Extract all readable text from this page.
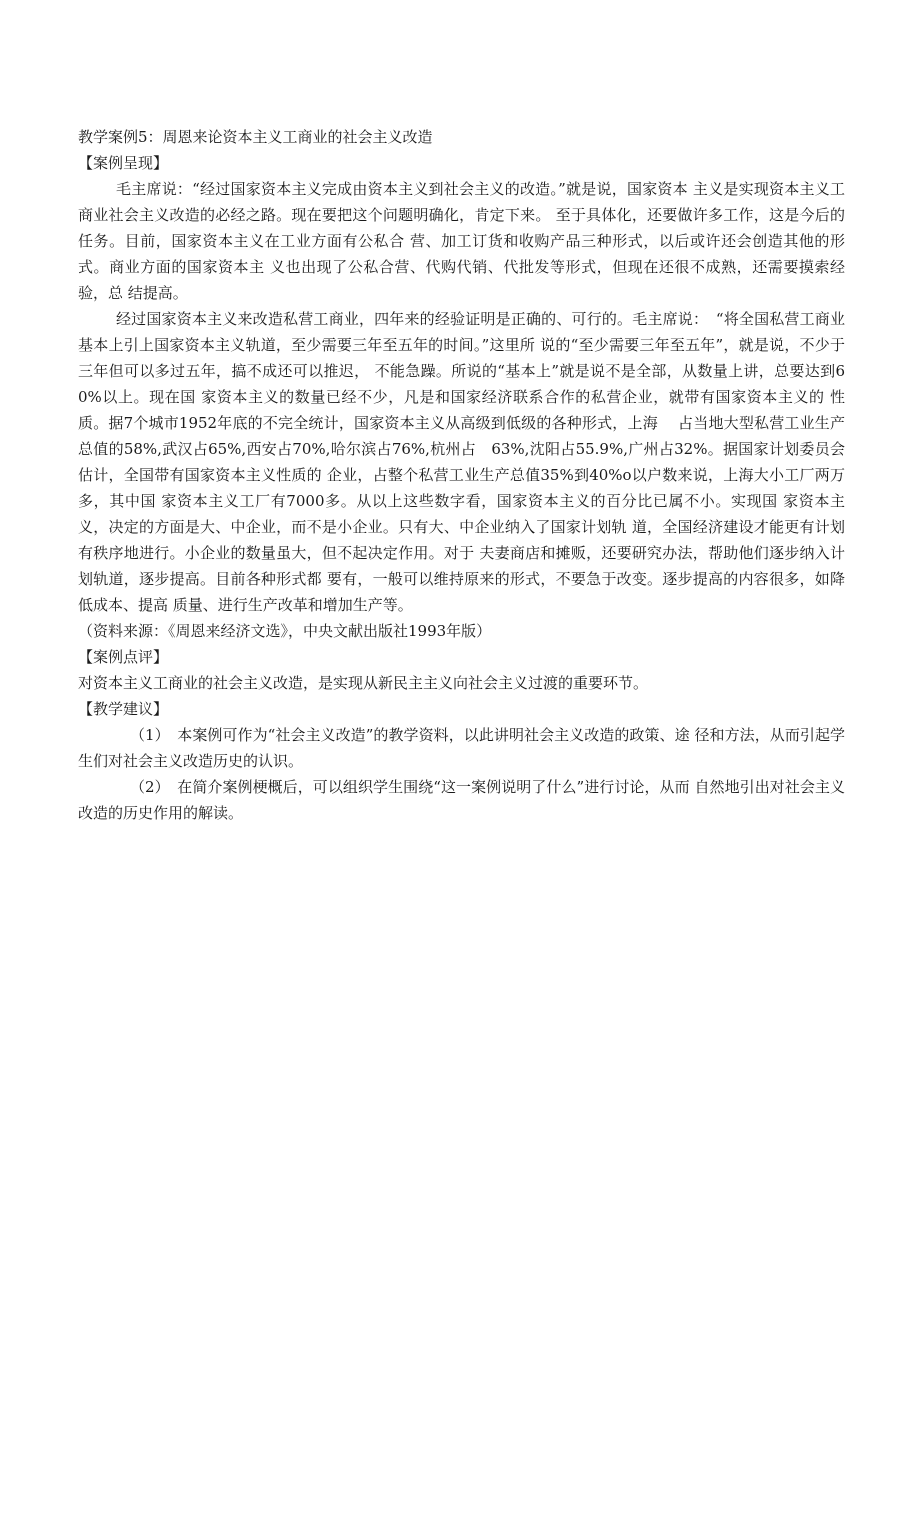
教学案例5：周恩来论资本主义工商业的社会主义改造

【案例呈现】

毛主席说：“经过国家资本主义完成由资本主义到社会主义的改造。”就是说，国家资本 主义是实现资本主义工商业社会主义改造的必经之路。现在要把这个问题明确化，肯定下来。 至于具体化，还要做许多工作，这是今后的任务。目前，国家资本主义在工业方面有公私合 营、加工订货和收购产品三种形式，以后或许还会创造其他的形式。商业方面的国家资本主 义也出现了公私合营、代购代销、代批发等形式，但现在还很不成熟，还需要摸索经验，总 结提高。

经过国家资本主义来改造私营工商业，四年来的经验证明是正确的、可行的。毛主席说：　“将全国私营工商业基本上引上国家资本主义轨道，至少需要三年至五年的时间。”这里所 说的“至少需要三年至五年”，就是说，不少于三年但可以多过五年，搞不成还可以推迟， 不能急躁。所说的“基本上”就是说不是全部，从数量上讲，总要达到60%以上。现在国 家资本主义的数量已经不少，凡是和国家经济联系合作的私营企业，就带有国家资本主义的 性质。据7个城市1952年底的不完全统计，国家资本主义从高级到低级的各种形式，上海　 占当地大型私营工业生产总值的58%,武汉占65%,西安占70%,哈尔滨占76%,杭州占　63%,沈阳占55.9%,广州占32%。据国家计划委员会估计，全国带有国家资本主义性质的 企业，占整个私营工业生产总值35%到40%o以户数来说，上海大小工厂两万多，其中国 家资本主义工厂有7000多。从以上这些数字看，国家资本主义的百分比已属不小。实现国 家资本主义，决定的方面是大、中企业，而不是小企业。只有大、中企业纳入了国家计划轨 道，全国经济建设才能更有计划有秩序地进行。小企业的数量虽大，但不起决定作用。对于 夫妻商店和摊贩，还要研究办法，帮助他们逐步纳入计划轨道，逐步提高。目前各种形式都 要有，一般可以维持原来的形式，不要急于改变。逐步提高的内容很多，如降低成本、提高 质量、进行生产改革和增加生产等。

（资料来源：《周恩来经济文选》，中央文献出版社1993年版）

【案例点评】

对资本主义工商业的社会主义改造，是实现从新民主主义向社会主义过渡的重要环节。

【教学建议】

（1）　本案例可作为“社会主义改造”的教学资料，以此讲明社会主义改造的政策、途 径和方法，从而引起学生们对社会主义改造历史的认识。

（2）　在简介案例梗概后，可以组织学生围绕“这一案例说明了什么”进行讨论，从而 自然地引出对社会主义改造的历史作用的解读。
